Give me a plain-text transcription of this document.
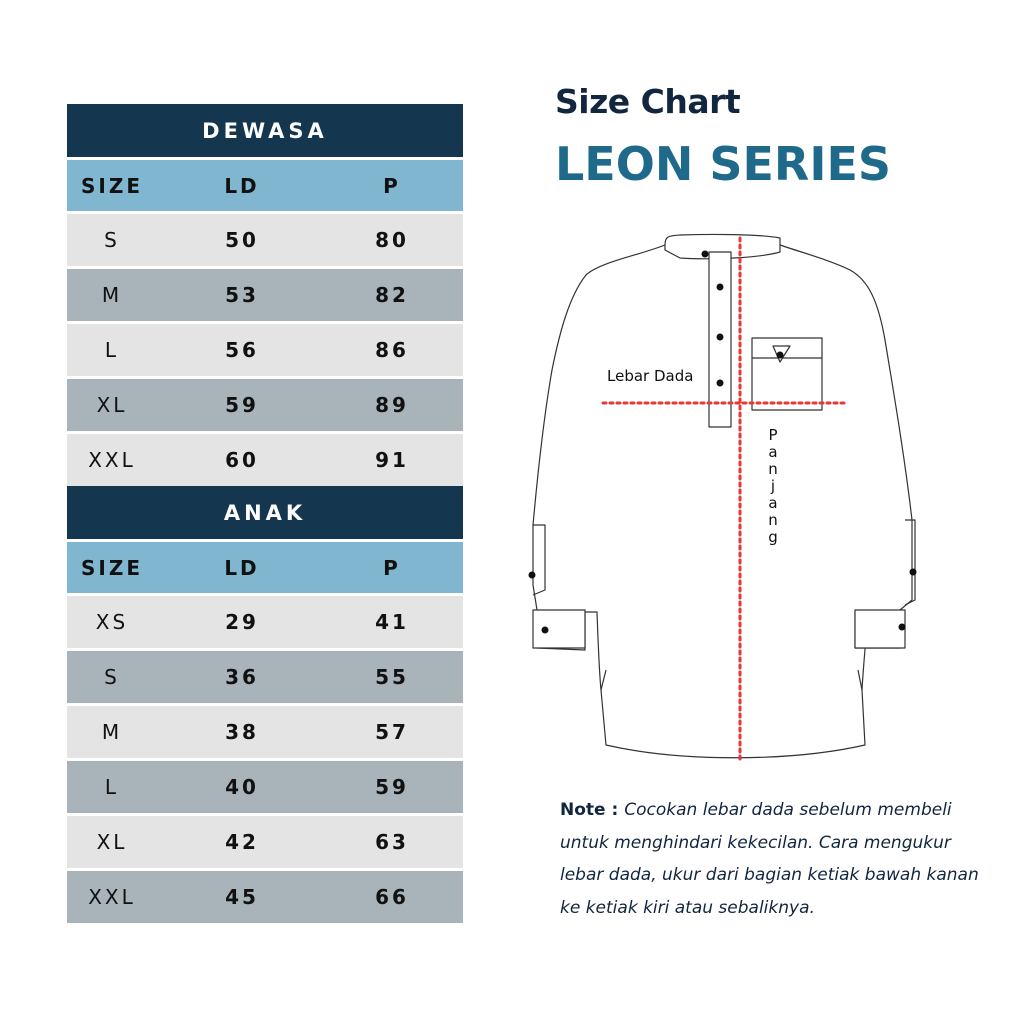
DEWASA
SIZE	LD	P
S	50	80
M	53	82
L	56	86
XL	59	89
XXL	60	91
ANAK
SIZE	LD	P
XS	29	41
S	36	55
M	38	57
L	40	59
XL	42	63
XXL	45	66
Size Chart
LEON SERIES
Lebar Dada
P
a
n
j
a
n
g
Note : Cocokan lebar dada sebelum membeli untuk menghindari kekecilan. Cara mengukur lebar dada, ukur dari bagian ketiak bawah kanan ke ketiak kiri atau sebaliknya.
